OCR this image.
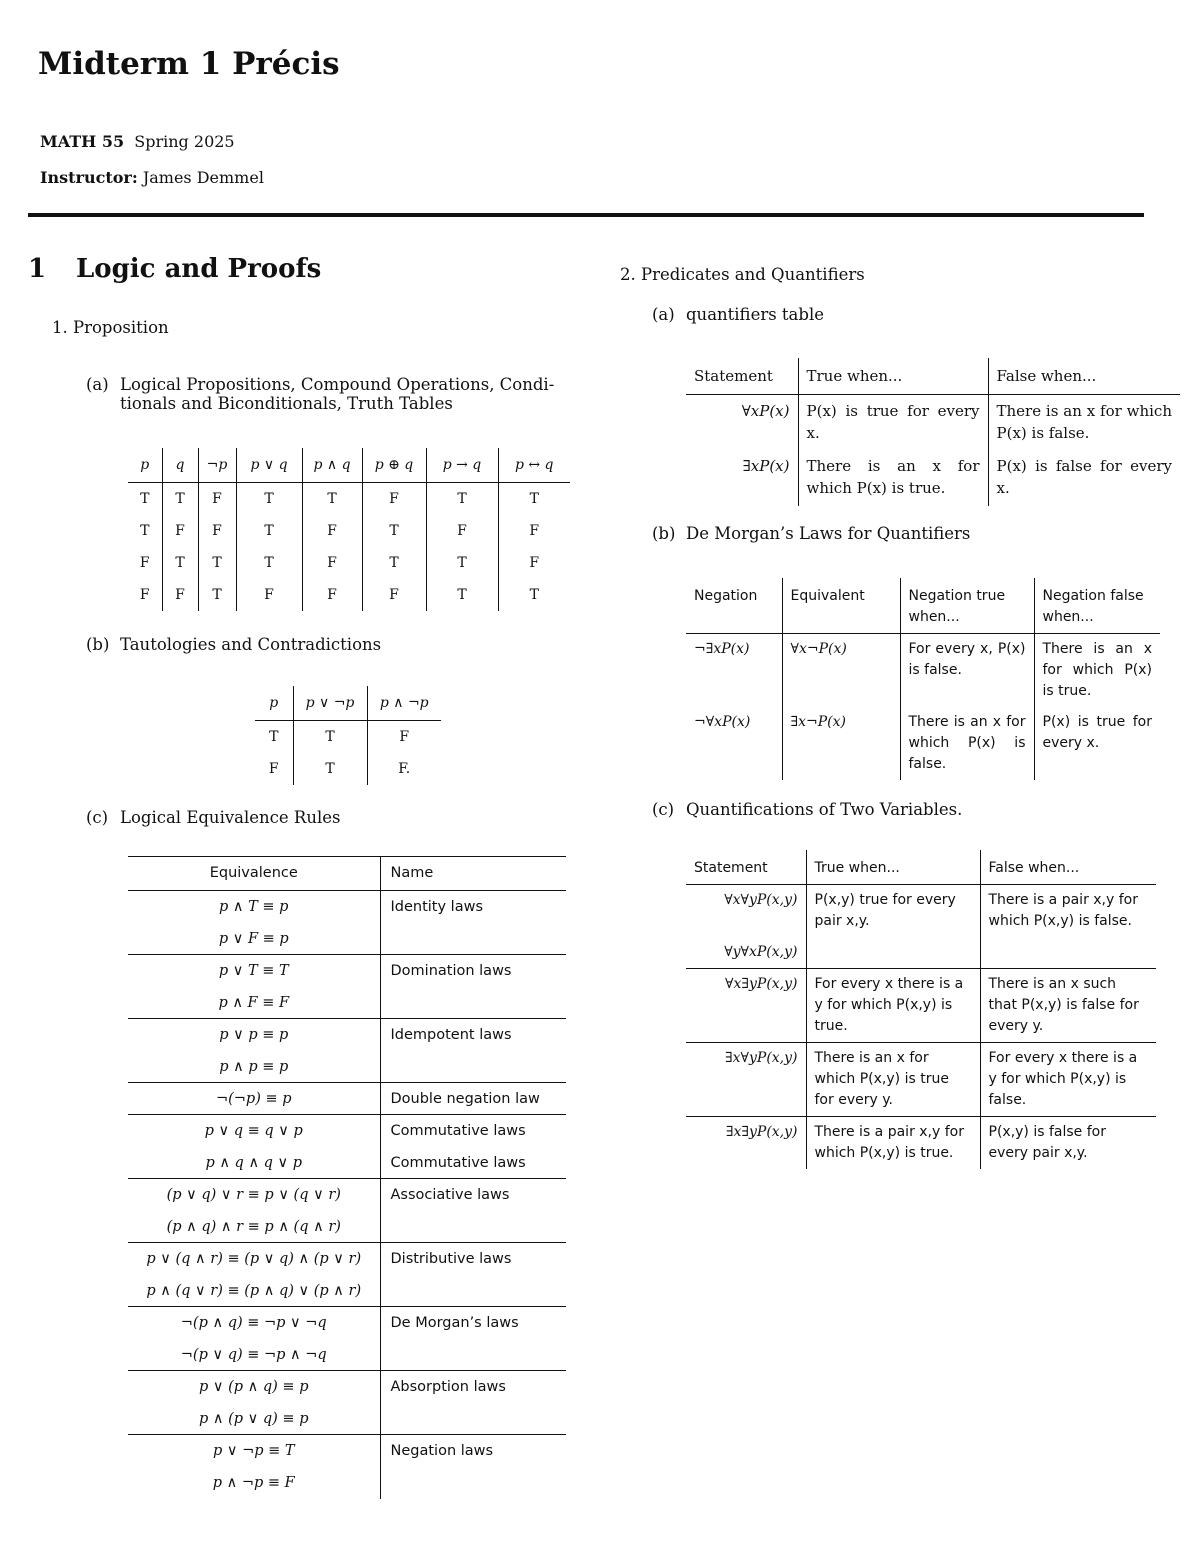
Midterm 1 Précis
MATH 55 Spring 2025
Instructor: James Demmel
1 Logic and Proofs
1. Proposition
(a) Logical Propositions, Compound Operations, Condi-
tionals and Biconditionals, Truth Tables
p	q	¬p	p ∨ q	p ∧ q	p ⊕ q	p → q	p ↔ q
T	T	F	T	T	F	T	T
T	F	F	T	F	T	F	F
F	T	T	T	F	T	T	F
F	F	T	F	F	F	T	T
(b) Tautologies and Contradictions
p	p ∨ ¬p	p ∧ ¬p
T	T	F
F	T	F.
(c) Logical Equivalence Rules
Equivalence	Name
p ∧ T ≡ p	Identity laws
p ∨ F ≡ p	
p ∨ T ≡ T	Domination laws
p ∧ F ≡ F	
p ∨ p ≡ p	Idempotent laws
p ∧ p ≡ p	
¬(¬p) ≡ p	Double negation law
p ∨ q ≡ q ∨ p	Commutative laws
p ∧ q ∧ q ∨ p	Commutative laws
(p ∨ q) ∨ r ≡ p ∨ (q ∨ r)	Associative laws
(p ∧ q) ∧ r ≡ p ∧ (q ∧ r)	
p ∨ (q ∧ r) ≡ (p ∨ q) ∧ (p ∨ r)	Distributive laws
p ∧ (q ∨ r) ≡ (p ∧ q) ∨ (p ∧ r)	
¬(p ∧ q) ≡ ¬p ∨ ¬q	De Morgan’s laws
¬(p ∨ q) ≡ ¬p ∧ ¬q	
p ∨ (p ∧ q) ≡ p	Absorption laws
p ∧ (p ∨ q) ≡ p	
p ∨ ¬p ≡ T	Negation laws
p ∧ ¬p ≡ F	
2. Predicates and Quantifiers
(a) quantifiers table
Statement	True when...	False when...
∀xP(x)	P(x) is true for every x.	There is an x for which P(x) is false.
∃xP(x)	There is an x for which P(x) is true.	P(x) is false for every x.
(b) De Morgan’s Laws for Quantifiers
Negation	Equivalent	Negation true when...	Negation false when...
¬∃xP(x)	∀x¬P(x)	For every x, P(x) is false.	There is an x for which P(x) is true.
¬∀xP(x)	∃x¬P(x)	There is an x for which P(x) is false.	P(x) is true for every x.
(c) Quantifications of Two Variables.
Statement	True when...	False when...
∀x∀yP(x,y)	P(x,y) true for every pair x,y.	There is a pair x,y for which P(x,y) is false.
∀y∀xP(x,y)		
∀x∃yP(x,y)	For every x there is a y for which P(x,y) is true.	There is an x such that P(x,y) is false for every y.
∃x∀yP(x,y)	There is an x for which P(x,y) is true for every y.	For every x there is a y for which P(x,y) is false.
∃x∃yP(x,y)	There is a pair x,y for which P(x,y) is true.	P(x,y) is false for every pair x,y.
